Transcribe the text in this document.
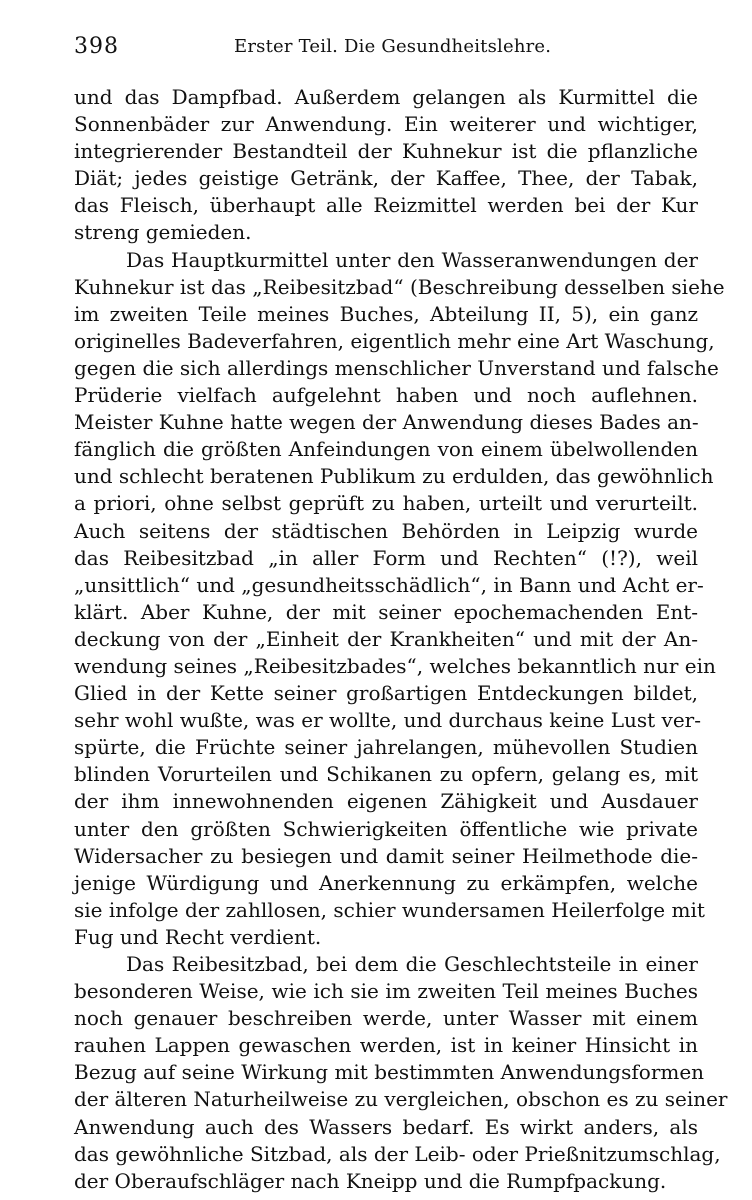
398	Erster Teil. Die Gesundheitslehre.
und das Dampfbad. Außerdem gelangen als Kurmittel die
Sonnenbäder zur Anwendung. Ein weiterer und wichtiger,
integrierender Bestandteil der Kuhnekur ist die pflanzliche
Diät; jedes geistige Getränk, der Kaffee, Thee, der Tabak,
das Fleisch, überhaupt alle Reizmittel werden bei der Kur
streng gemieden.
Das Hauptkurmittel unter den Wasseranwendungen der
Kuhnekur ist das „Reibesitzbad“ (Beschreibung desselben siehe
im zweiten Teile meines Buches, Abteilung II, 5), ein ganz
originelles Badeverfahren, eigentlich mehr eine Art Waschung,
gegen die sich allerdings menschlicher Unverstand und falsche
Prüderie vielfach aufgelehnt haben und noch auflehnen.
Meister Kuhne hatte wegen der Anwendung dieses Bades an-
fänglich die größten Anfeindungen von einem übelwollenden
und schlecht beratenen Publikum zu erdulden, das gewöhnlich
a priori, ohne selbst geprüft zu haben, urteilt und verurteilt.
Auch seitens der städtischen Behörden in Leipzig wurde
das Reibesitzbad „in aller Form und Rechten“ (!?), weil
„unsittlich“ und „gesundheitsschädlich“, in Bann und Acht er-
klärt. Aber Kuhne, der mit seiner epochemachenden Ent-
deckung von der „Einheit der Krankheiten“ und mit der An-
wendung seines „Reibesitzbades“, welches bekanntlich nur ein
Glied in der Kette seiner großartigen Entdeckungen bildet,
sehr wohl wußte, was er wollte, und durchaus keine Lust ver-
spürte, die Früchte seiner jahrelangen, mühevollen Studien
blinden Vorurteilen und Schikanen zu opfern, gelang es, mit
der ihm innewohnenden eigenen Zähigkeit und Ausdauer
unter den größten Schwierigkeiten öffentliche wie private
Widersacher zu besiegen und damit seiner Heilmethode die-
jenige Würdigung und Anerkennung zu erkämpfen, welche
sie infolge der zahllosen, schier wundersamen Heilerfolge mit
Fug und Recht verdient.
Das Reibesitzbad, bei dem die Geschlechtsteile in einer
besonderen Weise, wie ich sie im zweiten Teil meines Buches
noch genauer beschreiben werde, unter Wasser mit einem
rauhen Lappen gewaschen werden, ist in keiner Hinsicht in
Bezug auf seine Wirkung mit bestimmten Anwendungsformen
der älteren Naturheilweise zu vergleichen, obschon es zu seiner
Anwendung auch des Wassers bedarf. Es wirkt anders, als
das gewöhnliche Sitzbad, als der Leib- oder Prießnitzumschlag,
der Oberaufschläger nach Kneipp und die Rumpfpackung.
